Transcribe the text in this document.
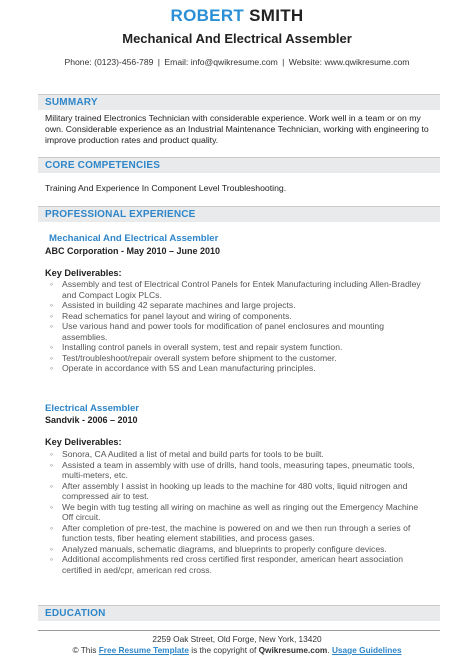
ROBERT SMITH
Mechanical And Electrical Assembler
Phone: (0123)-456-789 | Email: info@qwikresume.com | Website: www.qwikresume.com
SUMMARY
Military trained Electronics Technician with considerable experience. Work well in a team or on my own. Considerable experience as an Industrial Maintenance Technician, working with engineering to improve production rates and product quality.
CORE COMPETENCIES
Training And Experience In Component Level Troubleshooting.
PROFESSIONAL EXPERIENCE
Mechanical And Electrical Assembler
ABC Corporation - May 2010 – June 2010
Key Deliverables:
◦ Assembly and test of Electrical Control Panels for Entek Manufacturing including Allen-Bradley and Compact Logix PLCs.
◦ Assisted in building 42 separate machines and large projects.
◦ Read schematics for panel layout and wiring of components.
◦ Use various hand and power tools for modification of panel enclosures and mounting assemblies.
◦ Installing control panels in overall system, test and repair system function.
◦ Test/troubleshoot/repair overall system before shipment to the customer.
◦ Operate in accordance with 5S and Lean manufacturing principles.
Electrical Assembler
Sandvik - 2006 – 2010
Key Deliverables:
◦ Sonora, CA Audited a list of metal and build parts for tools to be built.
◦ Assisted a team in assembly with use of drills, hand tools, measuring tapes, pneumatic tools, multi-meters, etc.
◦ After assembly I assist in hooking up leads to the machine for 480 volts, liquid nitrogen and compressed air to test.
◦ We begin with tug testing all wiring on machine as well as ringing out the Emergency Machine Off circuit.
◦ After completion of pre-test, the machine is powered on and we then run through a series of function tests, fiber heating element stabilities, and process gases.
◦ Analyzed manuals, schematic diagrams, and blueprints to properly configure devices.
◦ Additional accomplishments red cross certified first responder, american heart association certified in aed/cpr, american red cross.
EDUCATION
2259 Oak Street, Old Forge, New York, 13420
© This Free Resume Template is the copyright of Qwikresume.com. Usage Guidelines
